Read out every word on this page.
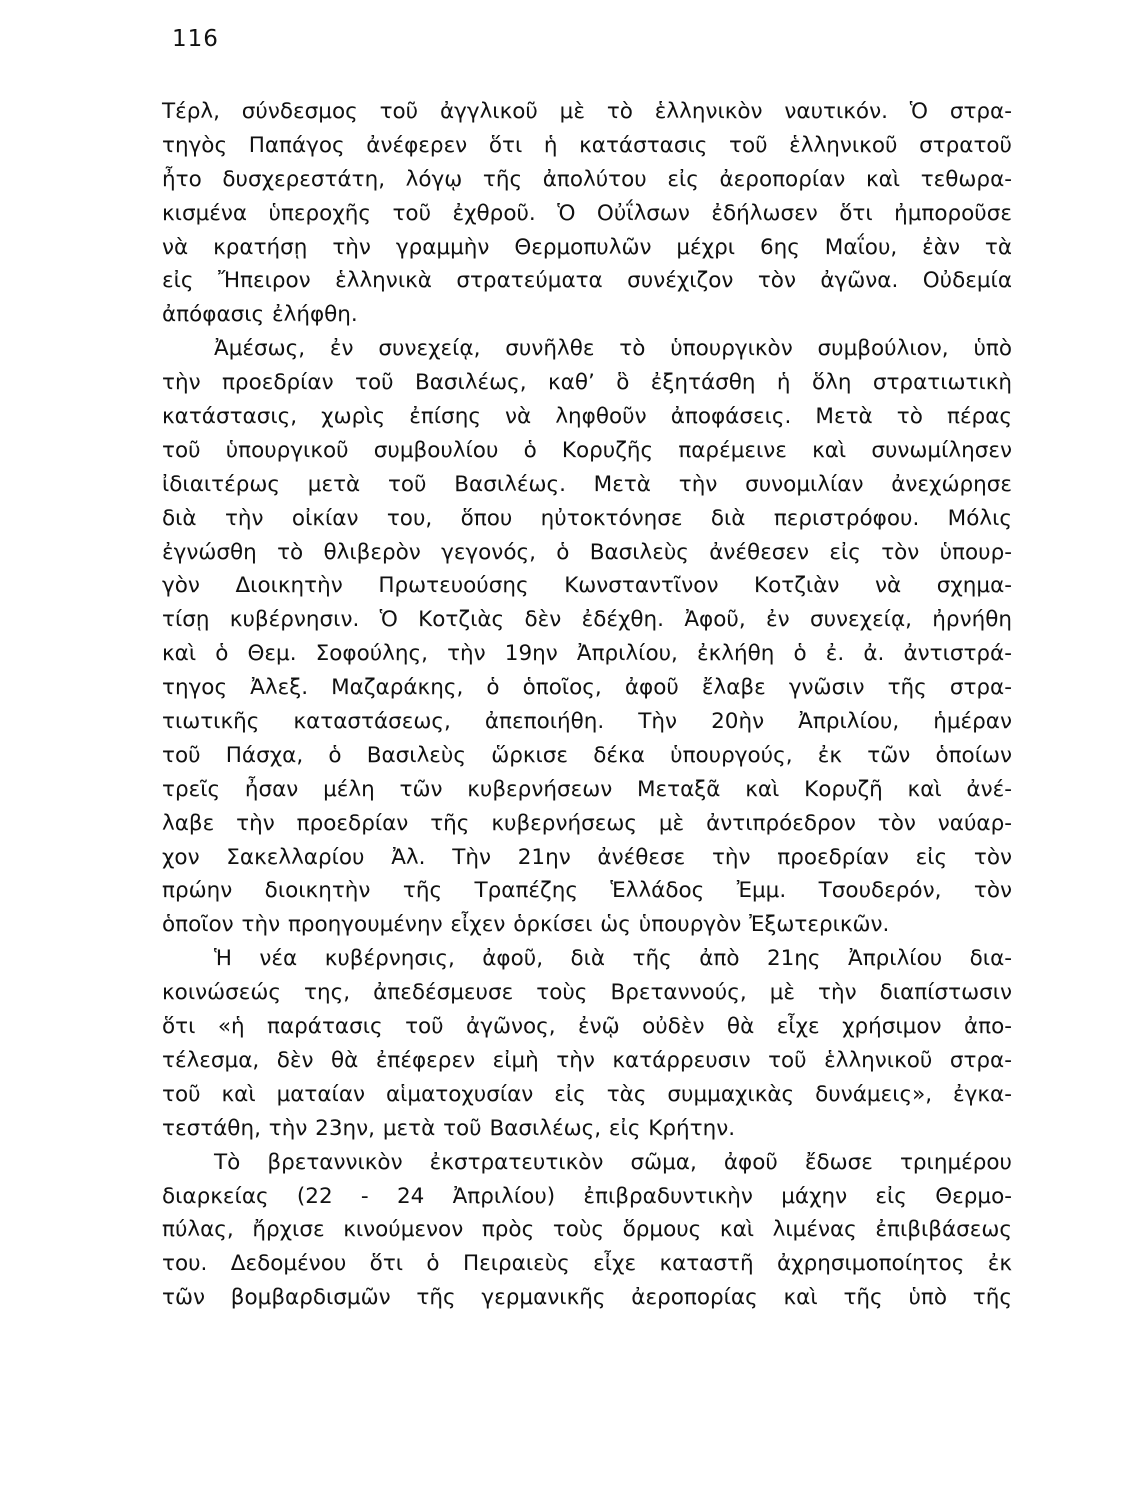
116
Τέρλ, σύνδεσμος τοῦ ἀγγλικοῦ μὲ τὸ ἑλληνικὸν ναυτικόν. Ὁ στρα-
τηγὸς Παπάγος ἀνέφερεν ὅτι ἡ κατάστασις τοῦ ἑλληνικοῦ στρατοῦ
ἦτο δυσχερεστάτη, λόγῳ τῆς ἀπολύτου εἰς ἀεροπορίαν καὶ τεθωρα-
κισμένα ὑπεροχῆς τοῦ ἐχθροῦ. Ὁ Οὐΐλσων ἐδήλωσεν ὅτι ἠμποροῦσε
νὰ κρατήσῃ τὴν γραμμὴν Θερμοπυλῶν μέχρι 6ης Μαΐου, ἐὰν τὰ
εἰς Ἤπειρον ἑλληνικὰ στρατεύματα συνέχιζον τὸν ἀγῶνα. Οὐδεμία
ἀπόφασις ἐλήφθη.
Ἀμέσως, ἐν συνεχείᾳ, συνῆλθε τὸ ὑπουργικὸν συμβούλιον, ὑπὸ
τὴν προεδρίαν τοῦ Βασιλέως, καθ’ ὃ ἐξητάσθη ἡ ὅλη στρατιωτικὴ
κατάστασις, χωρὶς ἐπίσης νὰ ληφθοῦν ἀποφάσεις. Μετὰ τὸ πέρας
τοῦ ὑπουργικοῦ συμβουλίου ὁ Κορυζῆς παρέμεινε καὶ συνωμίλησεν
ἰδιαιτέρως μετὰ τοῦ Βασιλέως. Μετὰ τὴν συνομιλίαν ἀνεχώρησε
διὰ τὴν οἰκίαν του, ὅπου ηὐτοκτόνησε διὰ περιστρόφου. Μόλις
ἐγνώσθη τὸ θλιβερὸν γεγονός, ὁ Βασιλεὺς ἀνέθεσεν εἰς τὸν ὑπουρ-
γὸν Διοικητὴν Πρωτευούσης Κωνσταντῖνον Κοτζιὰν νὰ σχημα-
τίσῃ κυβέρνησιν. Ὁ Κοτζιὰς δὲν ἐδέχθη. Ἀφοῦ, ἐν συνεχείᾳ, ἠρνήθη
καὶ ὁ Θεμ. Σοφούλης, τὴν 19ην Ἀπριλίου, ἐκλήθη ὁ ἐ. ἀ. ἀντιστρά-
τηγος Ἀλεξ. Μαζαράκης, ὁ ὁποῖος, ἀφοῦ ἔλαβε γνῶσιν τῆς στρα-
τιωτικῆς καταστάσεως, ἀπεποιήθη. Τὴν 20ὴν Ἀπριλίου, ἡμέραν
τοῦ Πάσχα, ὁ Βασιλεὺς ὥρκισε δέκα ὑπουργούς, ἐκ τῶν ὁποίων
τρεῖς ἦσαν μέλη τῶν κυβερνήσεων Μεταξᾶ καὶ Κορυζῆ καὶ ἀνέ-
λαβε τὴν προεδρίαν τῆς κυβερνήσεως μὲ ἀντιπρόεδρον τὸν ναύαρ-
χον Σακελλαρίου Ἀλ. Τὴν 21ην ἀνέθεσε τὴν προεδρίαν εἰς τὸν
πρώην διοικητὴν τῆς Τραπέζης Ἑλλάδος Ἐμμ. Τσουδερόν, τὸν
ὁποῖον τὴν προηγουμένην εἶχεν ὁρκίσει ὡς ὑπουργὸν Ἐξωτερικῶν.
Ἡ νέα κυβέρνησις, ἀφοῦ, διὰ τῆς ἀπὸ 21ης Ἀπριλίου δια-
κοινώσεώς της, ἀπεδέσμευσε τοὺς Βρεταννούς, μὲ τὴν διαπίστωσιν
ὅτι «ἡ παράτασις τοῦ ἀγῶνος, ἐνῷ οὐδὲν θὰ εἶχε χρήσιμον ἀπο-
τέλεσμα, δὲν θὰ ἐπέφερεν εἰμὴ τὴν κατάρρευσιν τοῦ ἑλληνικοῦ στρα-
τοῦ καὶ ματαίαν αἱματοχυσίαν εἰς τὰς συμμαχικὰς δυνάμεις», ἐγκα-
τεστάθη, τὴν 23ην, μετὰ τοῦ Βασιλέως, εἰς Κρήτην.
Τὸ βρεταννικὸν ἐκστρατευτικὸν σῶμα, ἀφοῦ ἔδωσε τριημέρου
διαρκείας (22 - 24 Ἀπριλίου) ἐπιβραδυντικὴν μάχην εἰς Θερμο-
πύλας, ἤρχισε κινούμενον πρὸς τοὺς ὅρμους καὶ λιμένας ἐπιβιβάσεως
του. Δεδομένου ὅτι ὁ Πειραιεὺς εἶχε καταστῆ ἀχρησιμοποίητος ἐκ
τῶν βομβαρδισμῶν τῆς γερμανικῆς ἀεροπορίας καὶ τῆς ὑπὸ τῆς
